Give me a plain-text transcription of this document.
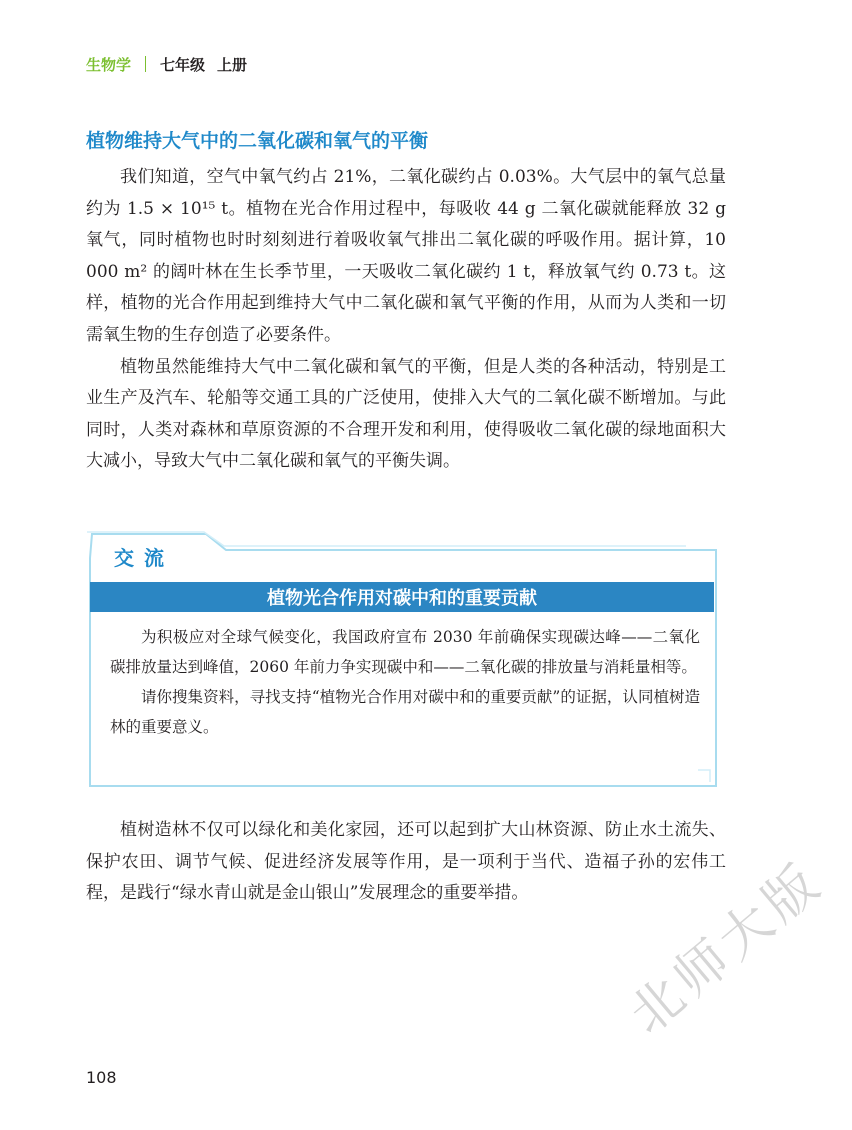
生物学 七年级 上册
植物维持大气中的二氧化碳和氧气的平衡

我们知道，空气中氧气约占 21%，二氧化碳约占 0.03%。大气层中的氧气总量约为 1.5 × 10¹⁵ t。植物在光合作用过程中，每吸收 44 g 二氧化碳就能释放 32 g 氧气，同时植物也时时刻刻进行着吸收氧气排出二氧化碳的呼吸作用。据计算，10 000 m² 的阔叶林在生长季节里，一天吸收二氧化碳约 1 t，释放氧气约 0.73 t。这样，植物的光合作用起到维持大气中二氧化碳和氧气平衡的作用，从而为人类和一切需氧生物的生存创造了必要条件。

植物虽然能维持大气中二氧化碳和氧气的平衡，但是人类的各种活动，特别是工业生产及汽车、轮船等交通工具的广泛使用，使排入大气的二氧化碳不断增加。与此同时，人类对森林和草原资源的不合理开发和利用，使得吸收二氧化碳的绿地面积大大减小，导致大气中二氧化碳和氧气的平衡失调。

交流
植物光合作用对碳中和的重要贡献

为积极应对全球气候变化，我国政府宣布 2030 年前确保实现碳达峰——二氧化碳排放量达到峰值，2060 年前力争实现碳中和——二氧化碳的排放量与消耗量相等。

请你搜集资料，寻找支持“植物光合作用对碳中和的重要贡献”的证据，认同植树造林的重要意义。

植树造林不仅可以绿化和美化家园，还可以起到扩大山林资源、防止水土流失、保护农田、调节气候、促进经济发展等作用，是一项利于当代、造福子孙的宏伟工程，是践行“绿水青山就是金山银山”发展理念的重要举措。	北师大版
108
